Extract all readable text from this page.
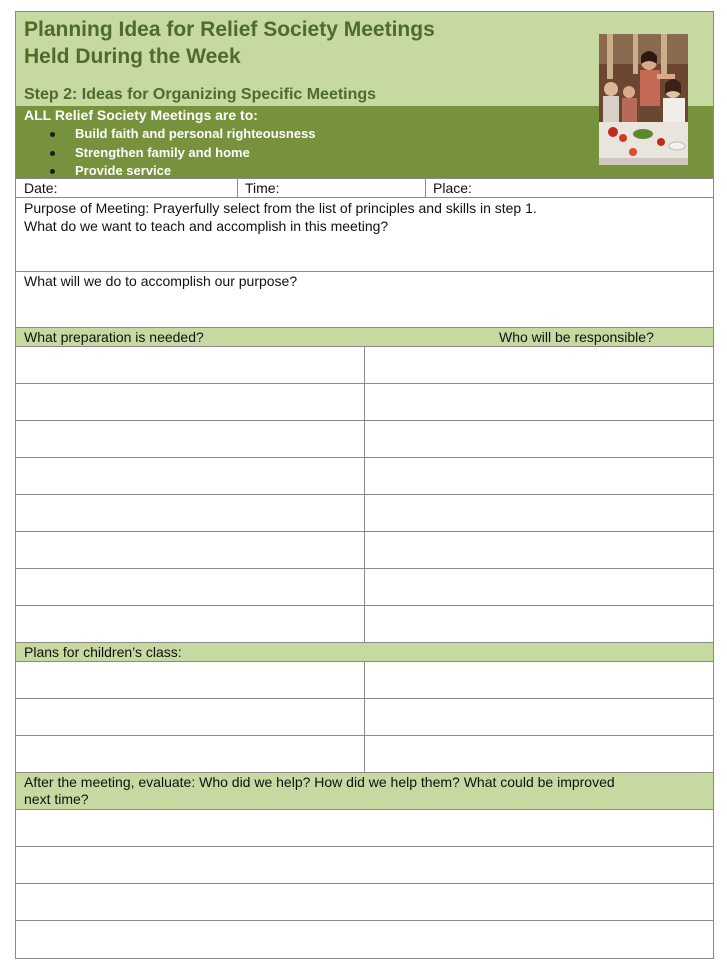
Planning Idea for Relief Society Meetings
Held During the Week
Step 2: Ideas for Organizing Specific Meetings
ALL Relief Society Meetings are to:
Build faith and personal righteousness
Strengthen family and home
Provide service
Date:	Time:	Place:
Purpose of Meeting: Prayerfully select from the list of principles and skills in step 1.
What do we want to teach and accomplish in this meeting?
What will we do to accomplish our purpose?
What preparation is needed?	Who will be responsible?
Plans for children’s class:
After the meeting, evaluate: Who did we help? How did we help them? What could be improved
next time?
